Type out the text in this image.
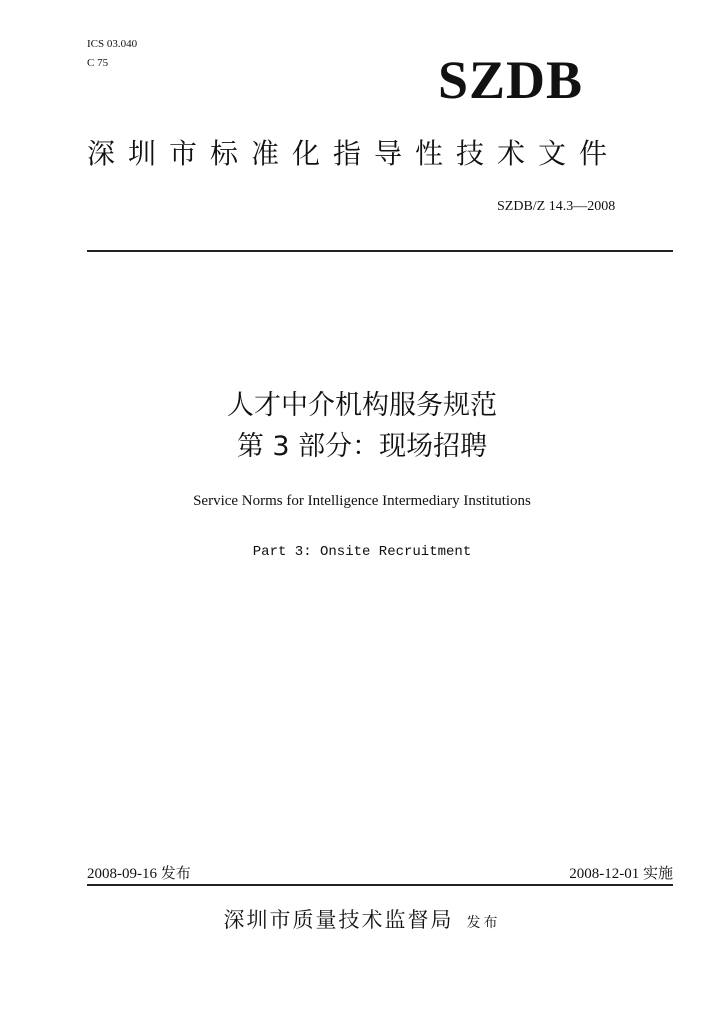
ICS 03.040
C 75	SZDB
深圳市标准化指导性技术文件
SZDB/Z 14.3—2008
人才中介机构服务规范
第 3 部分：现场招聘
Service Norms for Intelligence Intermediary Institutions
Part 3: Onsite Recruitment
2008-09-16 发布	2008-12-01 实施
深圳市质量技术监督局 发布
